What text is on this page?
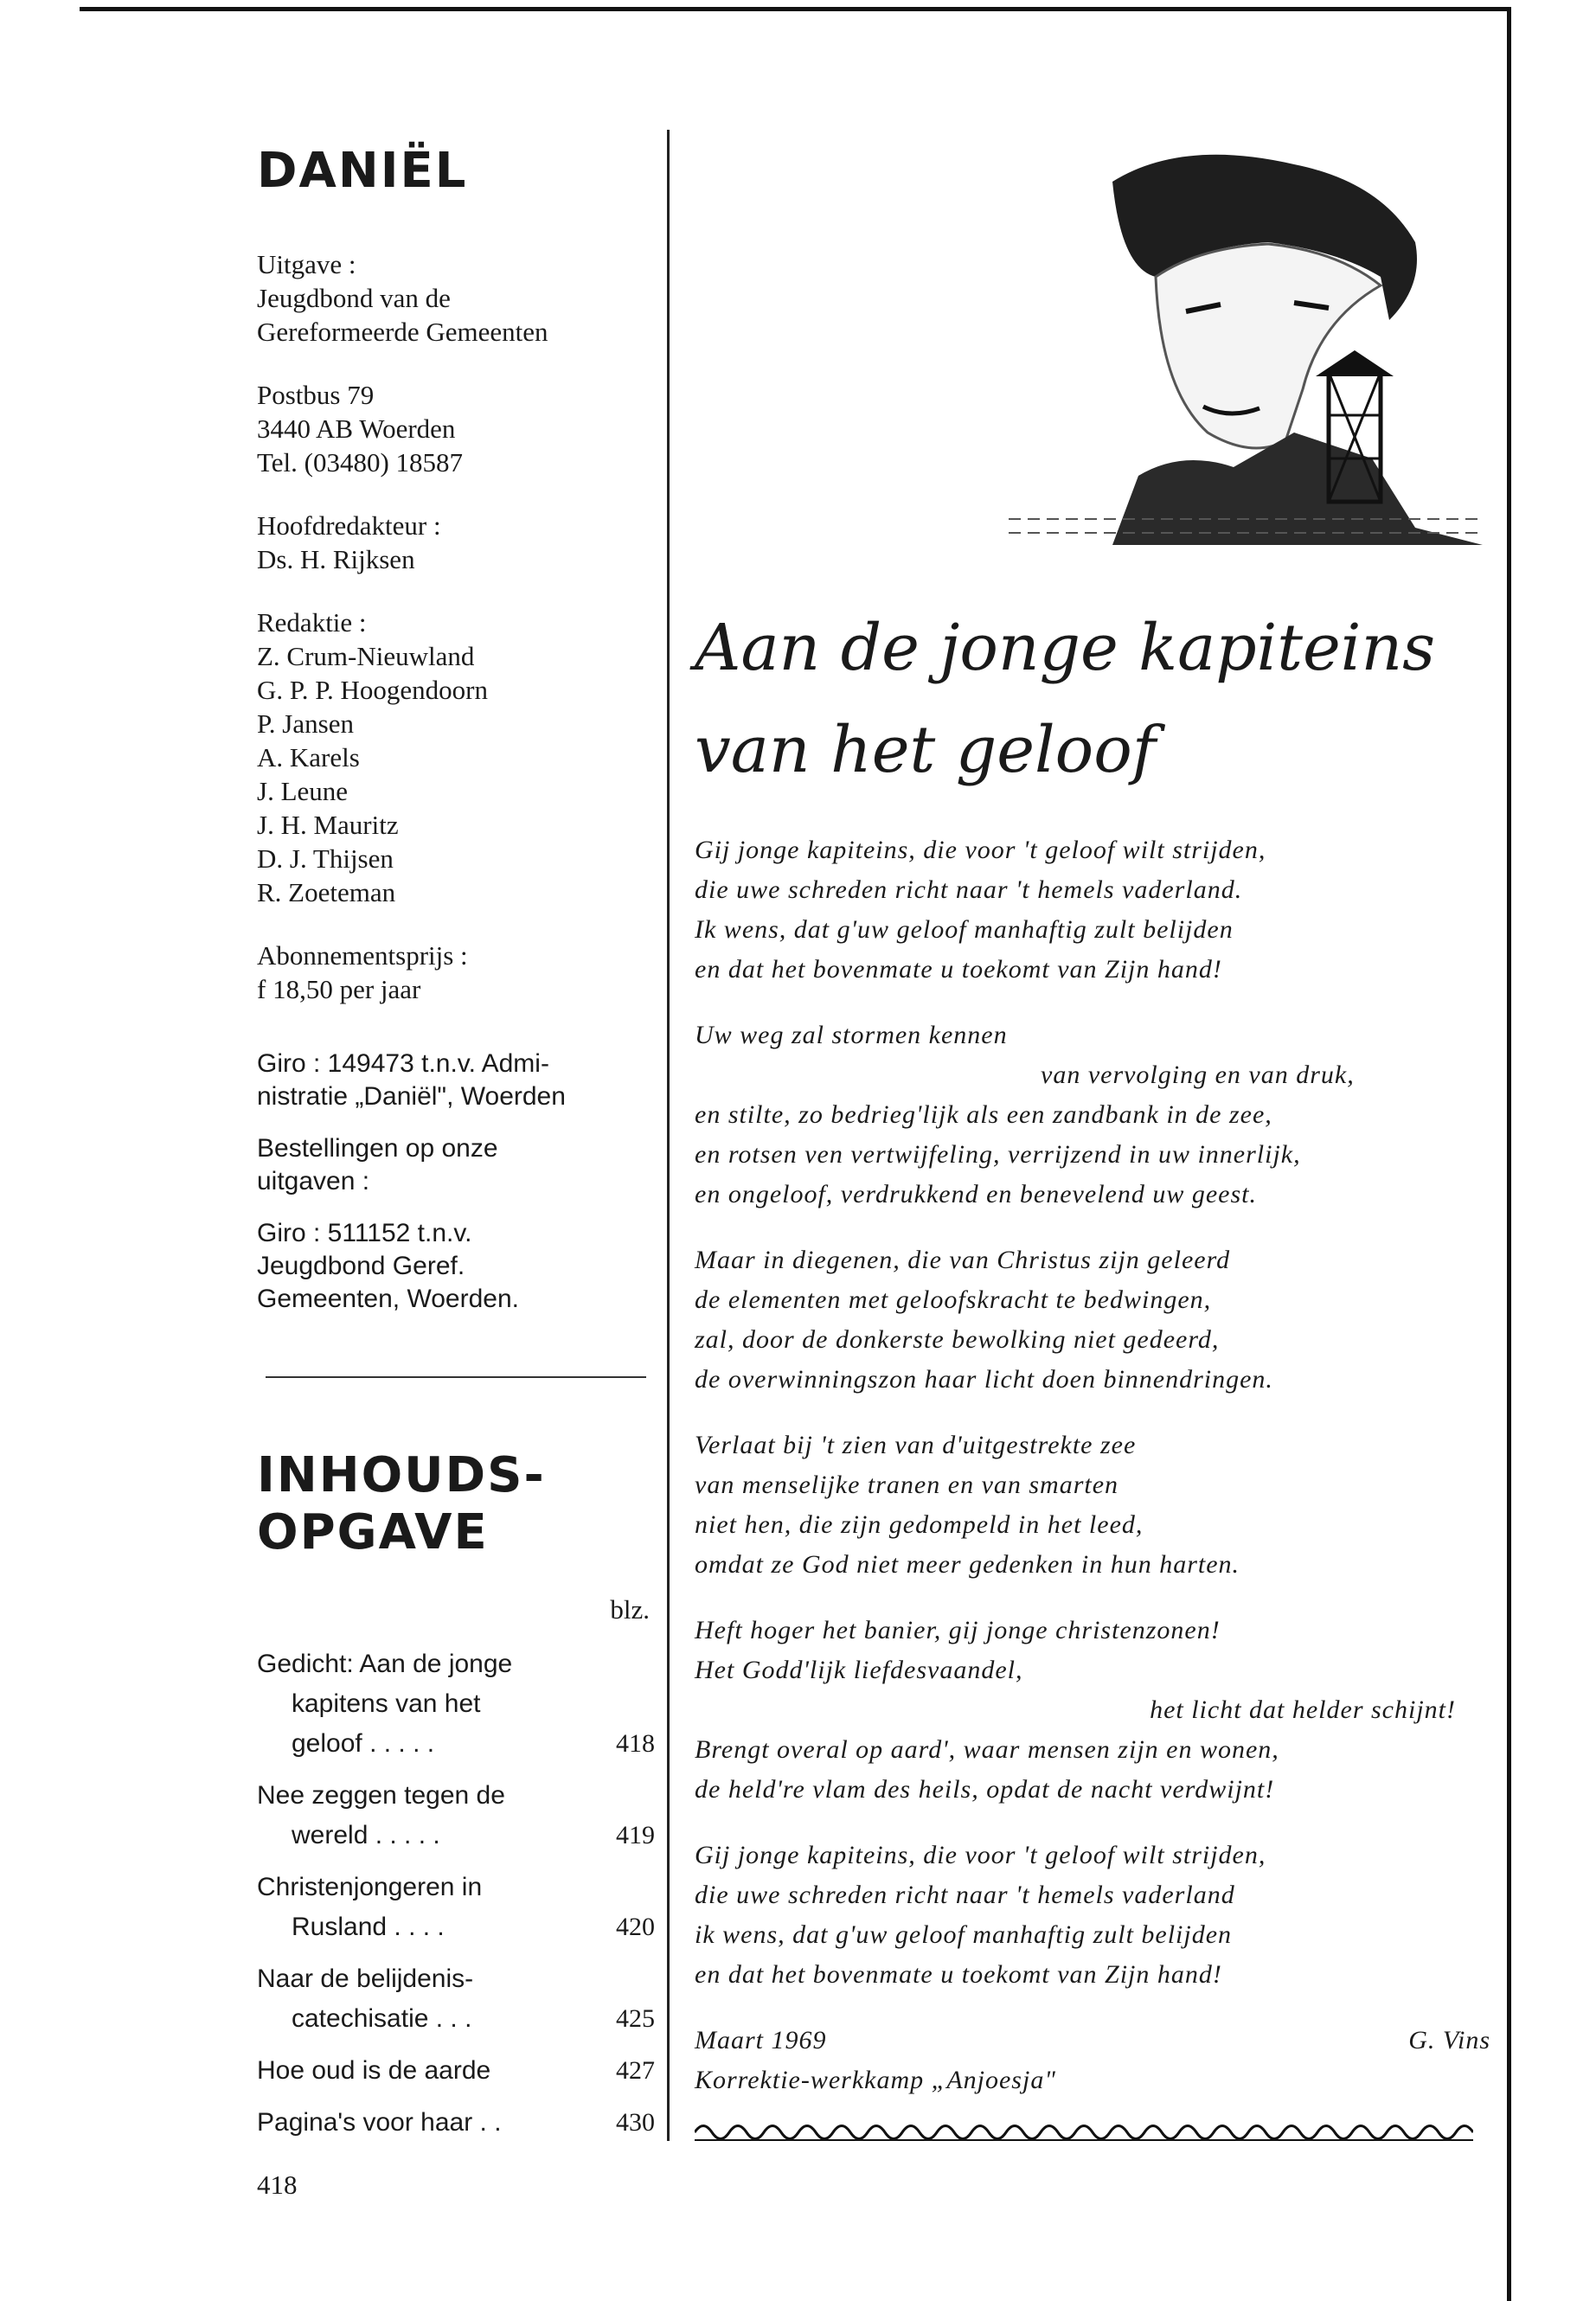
DANIËL

Uitgave :

Jeugdbond van de

Gereformeerde Gemeenten

Postbus 79

3440 AB Woerden

Tel. (03480) 18587

Hoofdredakteur :

Ds. H. Rijksen

Redaktie :

Z. Crum-Nieuwland

G. P. P. Hoogendoorn

P. Jansen

A. Karels

J. Leune

J. H. Mauritz

D. J. Thijsen

R. Zoeteman

Abonnementsprijs :

f 18,50 per jaar

Giro : 149473 t.n.v. Admi-

nistratie „Daniël", Woerden

Bestellingen op onze

uitgaven :

Giro : 511152 t.n.v.

Jeugdbond Geref.

Gemeenten, Woerden.

INHOUDS-

OPGAVE

blz.

Gedicht: Aan de jonge
kapitens van het
geloof . . . . .	418
Nee zeggen tegen de
wereld . . . . .	419
Christenjongeren in
Rusland . . . .	420
Naar de belijdenis-
catechisatie . . .	425
Hoe oud is de aarde	427
Pagina's voor haar . .	430

418

Aan de jonge kapiteins
van het geloof

Gij jonge kapiteins, die voor 't geloof wilt strijden,

die uwe schreden richt naar 't hemels vaderland.

Ik wens, dat g'uw geloof manhaftig zult belijden

en dat het bovenmate u toekomt van Zijn hand!

Uw weg zal stormen kennen

van vervolging en van druk,

en stilte, zo bedrieg'lijk als een zandbank in de zee,

en rotsen ven vertwijfeling, verrijzend in uw innerlijk,

en ongeloof, verdrukkend en benevelend uw geest.

Maar in diegenen, die van Christus zijn geleerd

de elementen met geloofskracht te bedwingen,

zal, door de donkerste bewolking niet gedeerd,

de overwinningszon haar licht doen binnendringen.

Verlaat bij 't zien van d'uitgestrekte zee

van menselijke tranen en van smarten

niet hen, die zijn gedompeld in het leed,

omdat ze God niet meer gedenken in hun harten.

Heft hoger het banier, gij jonge christenzonen!

Het Godd'lijk liefdesvaandel,

het licht dat helder schijnt!

Brengt overal op aard', waar mensen zijn en wonen,

de held're vlam des heils, opdat de nacht verdwijnt!

Gij jonge kapiteins, die voor 't geloof wilt strijden,

die uwe schreden richt naar 't hemels vaderland

ik wens, dat g'uw geloof manhaftig zult belijden

en dat het bovenmate u toekomt van Zijn hand!

Maart 1969	G. Vins

Korrektie-werkkamp „Anjoesja"
